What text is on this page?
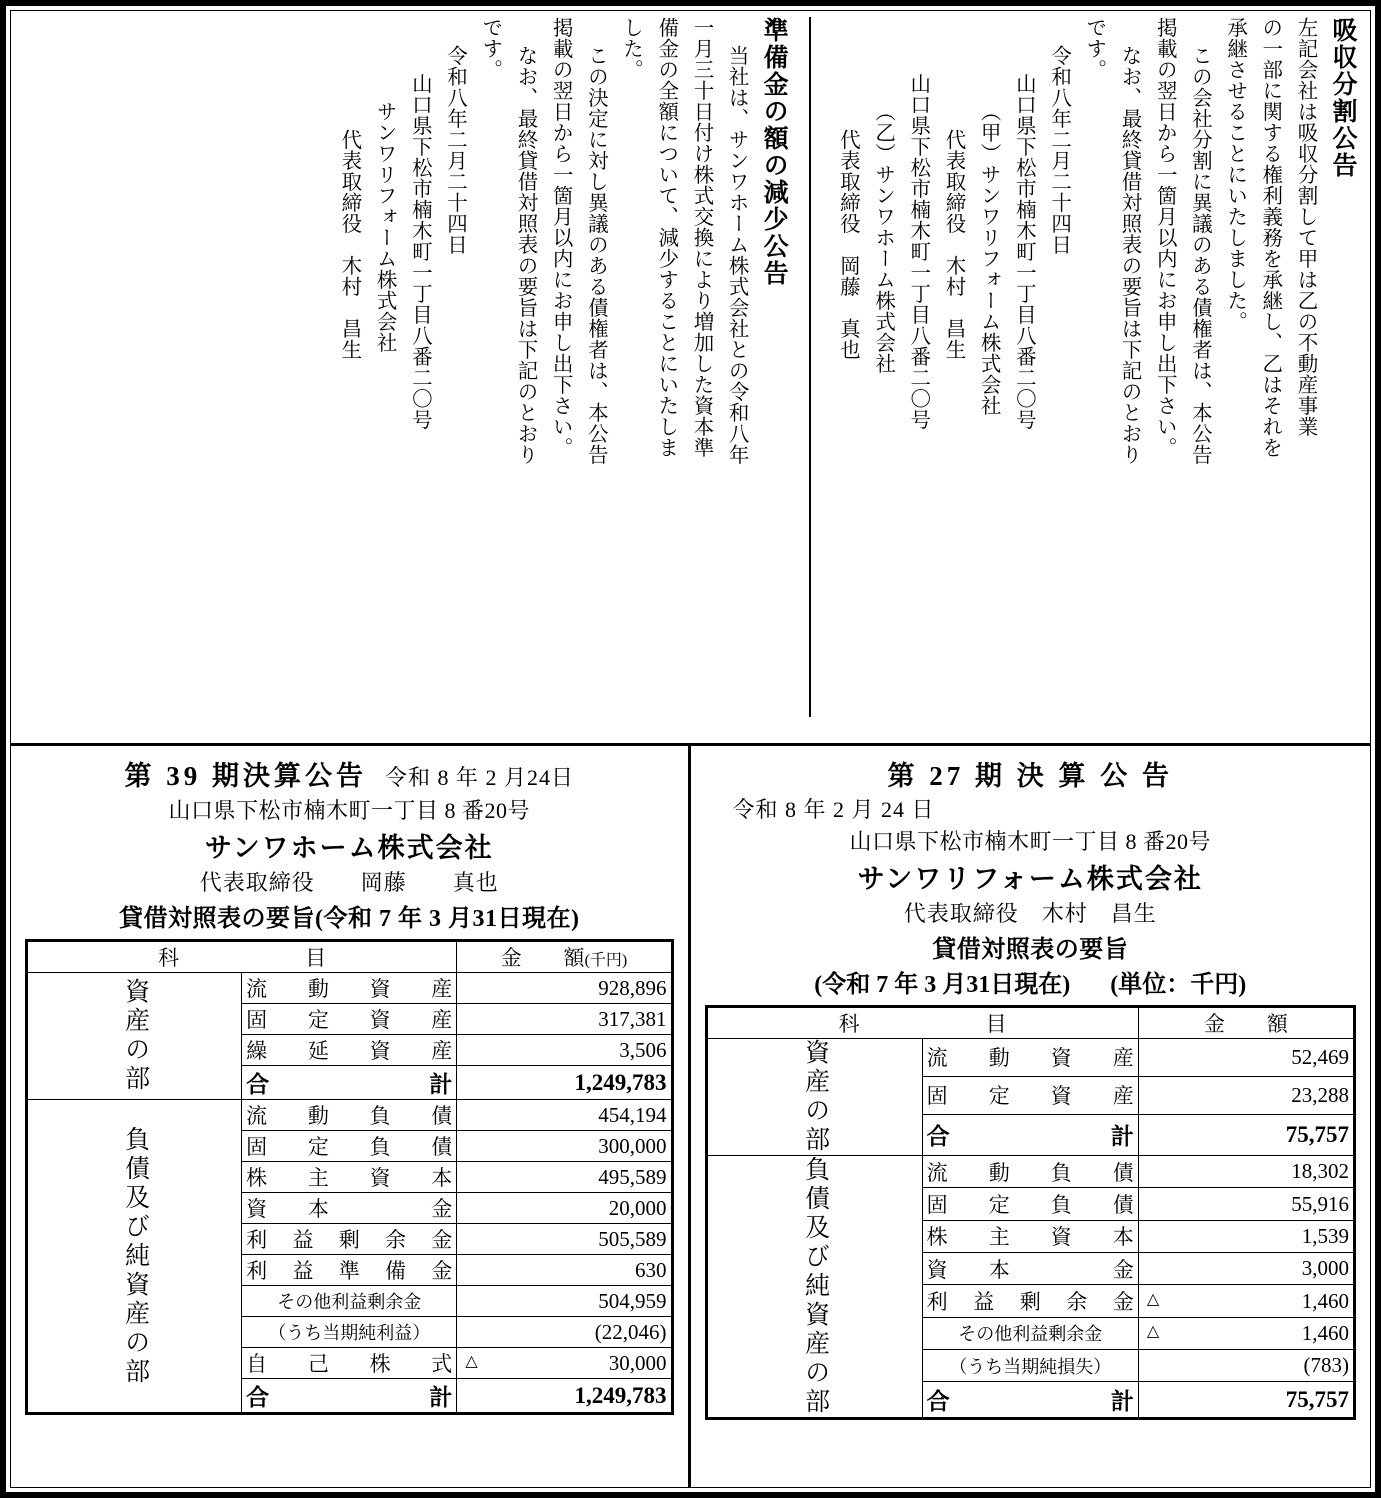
吸収分割公告
左記会社は吸収分割して甲は乙の不動産事業
の一部に関する権利義務を承継し、乙はそれを
承継させることにいたしました。
この会社分割に異議のある債権者は、本公告
掲載の翌日から一箇月以内にお申し出下さい。
なお、最終貸借対照表の要旨は下記のとおり
です。
令和八年二月二十四日
山口県下松市楠木町一丁目八番二〇号
（甲）サンワリフォーム株式会社
代表取締役　木村　昌生
山口県下松市楠木町一丁目八番二〇号
（乙）サンワホーム株式会社
代表取締役　岡藤　真也
準備金の額の減少公告
当社は、サンワホーム株式会社との令和八年
一月三十日付け株式交換により増加した資本準
備金の全額について、減少することにいたしま
した。
この決定に対し異議のある債権者は、本公告
掲載の翌日から一箇月以内にお申し出下さい。
なお、最終貸借対照表の要旨は下記のとおり
です。
令和八年二月二十四日
山口県下松市楠木町一丁目八番二〇号
サンワリフォーム株式会社
代表取締役　木村　昌生
第 27 期 決 算 公 告
令和 8 年 2 月 24 日
山口県下松市楠木町一丁目 8 番20号
サンワリフォーム株式会社
代表取締役　木村　昌生
貸借対照表の要旨
(令和 7 年 3 月31日現在) (単位：千円)
科　　　　　　目		金　　額

資産の部	流　動　資　産	52,469
	固　定　資　産	23,288
	合　　　　計	75,757

負債及び純資産の部	流　動　負　債	18,302
	固　定　負　債	55,916
	株　主　資　本	1,539
	資　本　　　金	3,000
	利　益　剰　余　金	△ 1,460
	その他利益剰余金	△ 1,460
	（うち当期純損失）	(783)
	合　　　　計	75,757
第 39 期決算公告 令和 8 年 2 月24日
山口県下松市楠木町一丁目 8 番20号
サンワホーム株式会社
代表取締役　　岡藤　　真也
貸借対照表の要旨(令和 7 年 3 月31日現在)
科　　　　　　目		金　　額(千円)

資産の部	流　動　資　産	928,896
	固　定　資　産	317,381
	繰　延　資　産	3,506
	合　　　　計	1,249,783

負債及び純資産の部	流　動　負　債	454,194
	固　定　負　債	300,000
	株　主　資　本	495,589
	資　本　　　金	20,000
	利　益　剰　余　金	505,589
	利　益　準　備　金	630
	その他利益剰余金	504,959
	（うち当期純利益）	(22,046)
	自　己　株　式	△ 30,000
	合　　　　計	1,249,783
